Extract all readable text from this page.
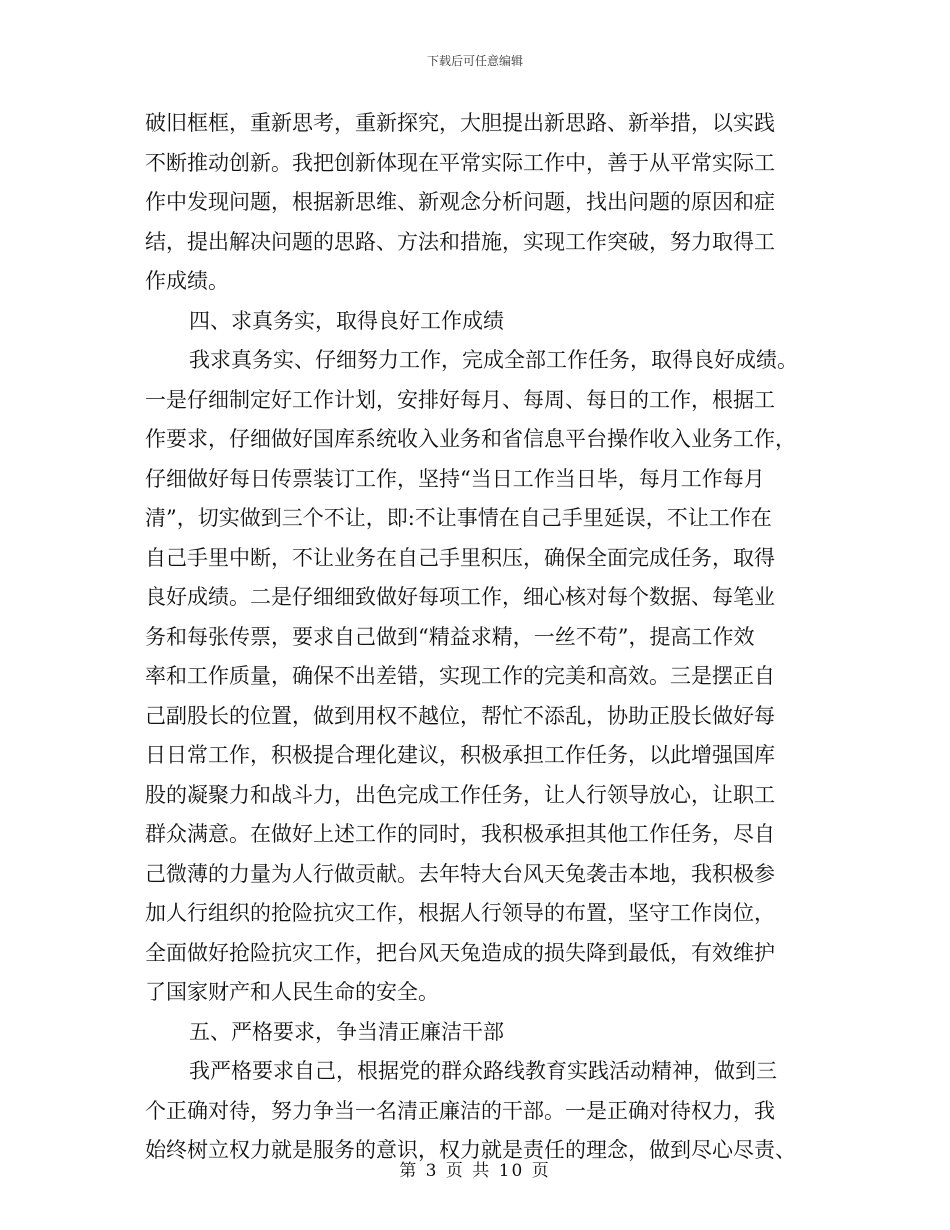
下载后可任意编辑
破旧框框，重新思考，重新探究，大胆提出新思路、新举措，以实践
不断推动创新。我把创新体现在平常实际工作中，善于从平常实际工
作中发现问题，根据新思维、新观念分析问题，找出问题的原因和症
结，提出解决问题的思路、方法和措施，实现工作突破，努力取得工
作成绩。
四、求真务实，取得良好工作成绩
我求真务实、仔细努力工作，完成全部工作任务，取得良好成绩。
一是仔细制定好工作计划，安排好每月、每周、每日的工作，根据工
作要求，仔细做好国库系统收入业务和省信息平台操作收入业务工作，
仔细做好每日传票装订工作，坚持“当日工作当日毕，每月工作每月
清”，切实做到三个不让，即:不让事情在自己手里延误，不让工作在
自己手里中断，不让业务在自己手里积压，确保全面完成任务，取得
良好成绩。二是仔细细致做好每项工作，细心核对每个数据、每笔业
务和每张传票，要求自己做到“精益求精，一丝不苟”，提高工作效
率和工作质量，确保不出差错，实现工作的完美和高效。三是摆正自
己副股长的位置，做到用权不越位，帮忙不添乱，协助正股长做好每
日日常工作，积极提合理化建议，积极承担工作任务，以此增强国库
股的凝聚力和战斗力，出色完成工作任务，让人行领导放心，让职工
群众满意。在做好上述工作的同时，我积极承担其他工作任务，尽自
己微薄的力量为人行做贡献。去年特大台风天兔袭击本地，我积极参
加人行组织的抢险抗灾工作，根据人行领导的布置，坚守工作岗位，
全面做好抢险抗灾工作，把台风天兔造成的损失降到最低，有效维护
了国家财产和人民生命的安全。
五、严格要求，争当清正廉洁干部
我严格要求自己，根据党的群众路线教育实践活动精神，做到三
个正确对待，努力争当一名清正廉洁的干部。一是正确对待权力，我
始终树立权力就是服务的意识，权力就是责任的理念，做到尽心尽责、
第 3 页 共 10 页
